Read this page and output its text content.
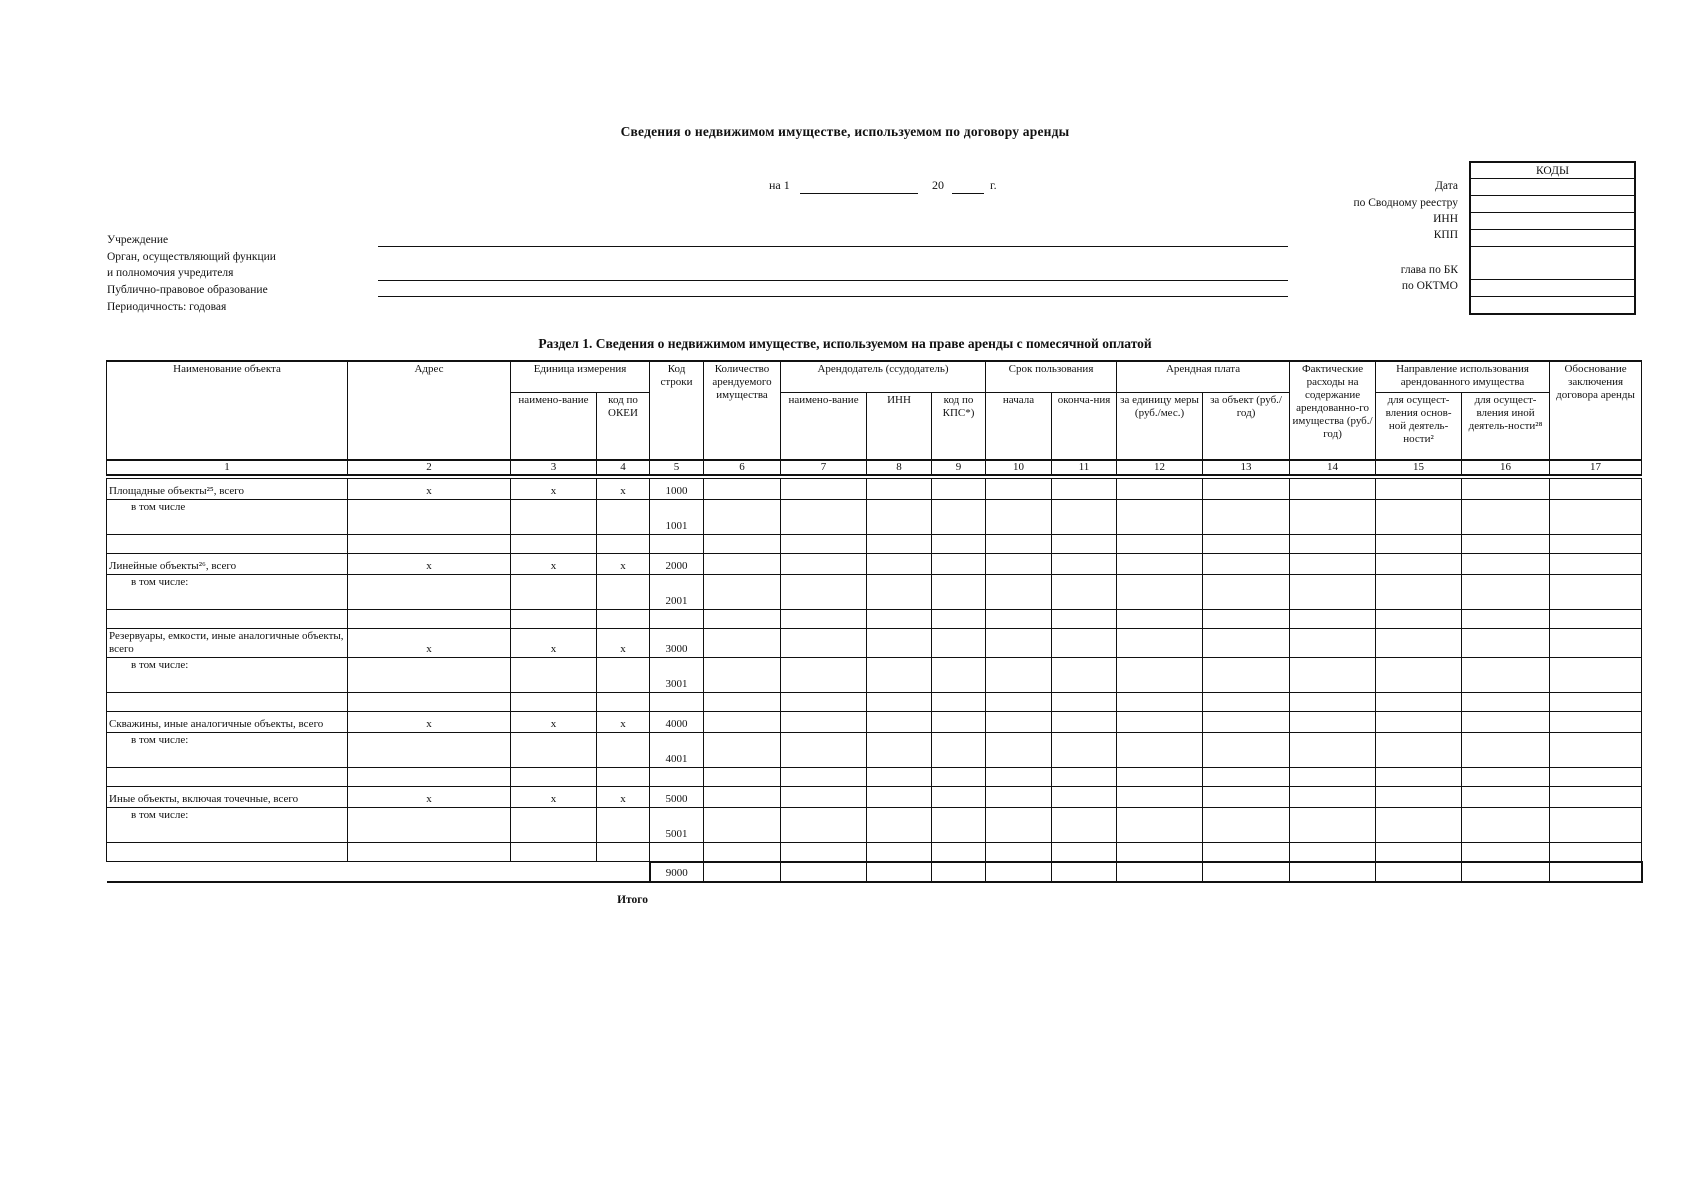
Сведения о недвижимом имуществе, используемом по договору аренды
на 1	20	г.	Дата
по Сводному реестру
ИНН
КПП
глава по БК
по ОКТМО
КОДЫ

Учреждение
Орган, осуществляющий функции
и полномочия учредителя
Публично-правовое образование
Периодичность: годовая
Раздел 1. Сведения о недвижимом имуществе, используемом на праве аренды с помесячной оплатой
Наименование объекта	Адрес	Единица измерения		Код строки	Количество арендуемого имущества	Арендодатель (ссудодатель)			Срок пользования		Арендная плата		Фактические расходы на содержание арендованно-го имущества (руб./год)	Направление использования арендованного имущества		Обоснование заключения договора аренды
		наимено-вание	код по ОКЕИ			наимено-вание	ИНН	код по КПС*)	начала	оконча-ния	за единицу меры (руб./мес.)	за объект (руб./год)		для осущест-вления основ-ной деятель-ности²	для осущест-вления иной деятель-ности²⁸	
1	2	3	4	5	6	7	8	9	10	11	12	13	14	15	16	17
Площадные объекты²⁵, всего	x	x	x	1000												
в том числе				1001												

Линейные объекты²⁶, всего	x	x	x	2000												
в том числе:				2001												

Резервуары, емкости, иные аналогичные объекты, всего	x	x	x	3000												
в том числе:				3001												

Скважины, иные аналогичные объекты, всего	x	x	x	4000												
в том числе:				4001												

Иные объекты, включая точечные, всего	x	x	x	5000												
в том числе:				5001												

				9000												
Итого
